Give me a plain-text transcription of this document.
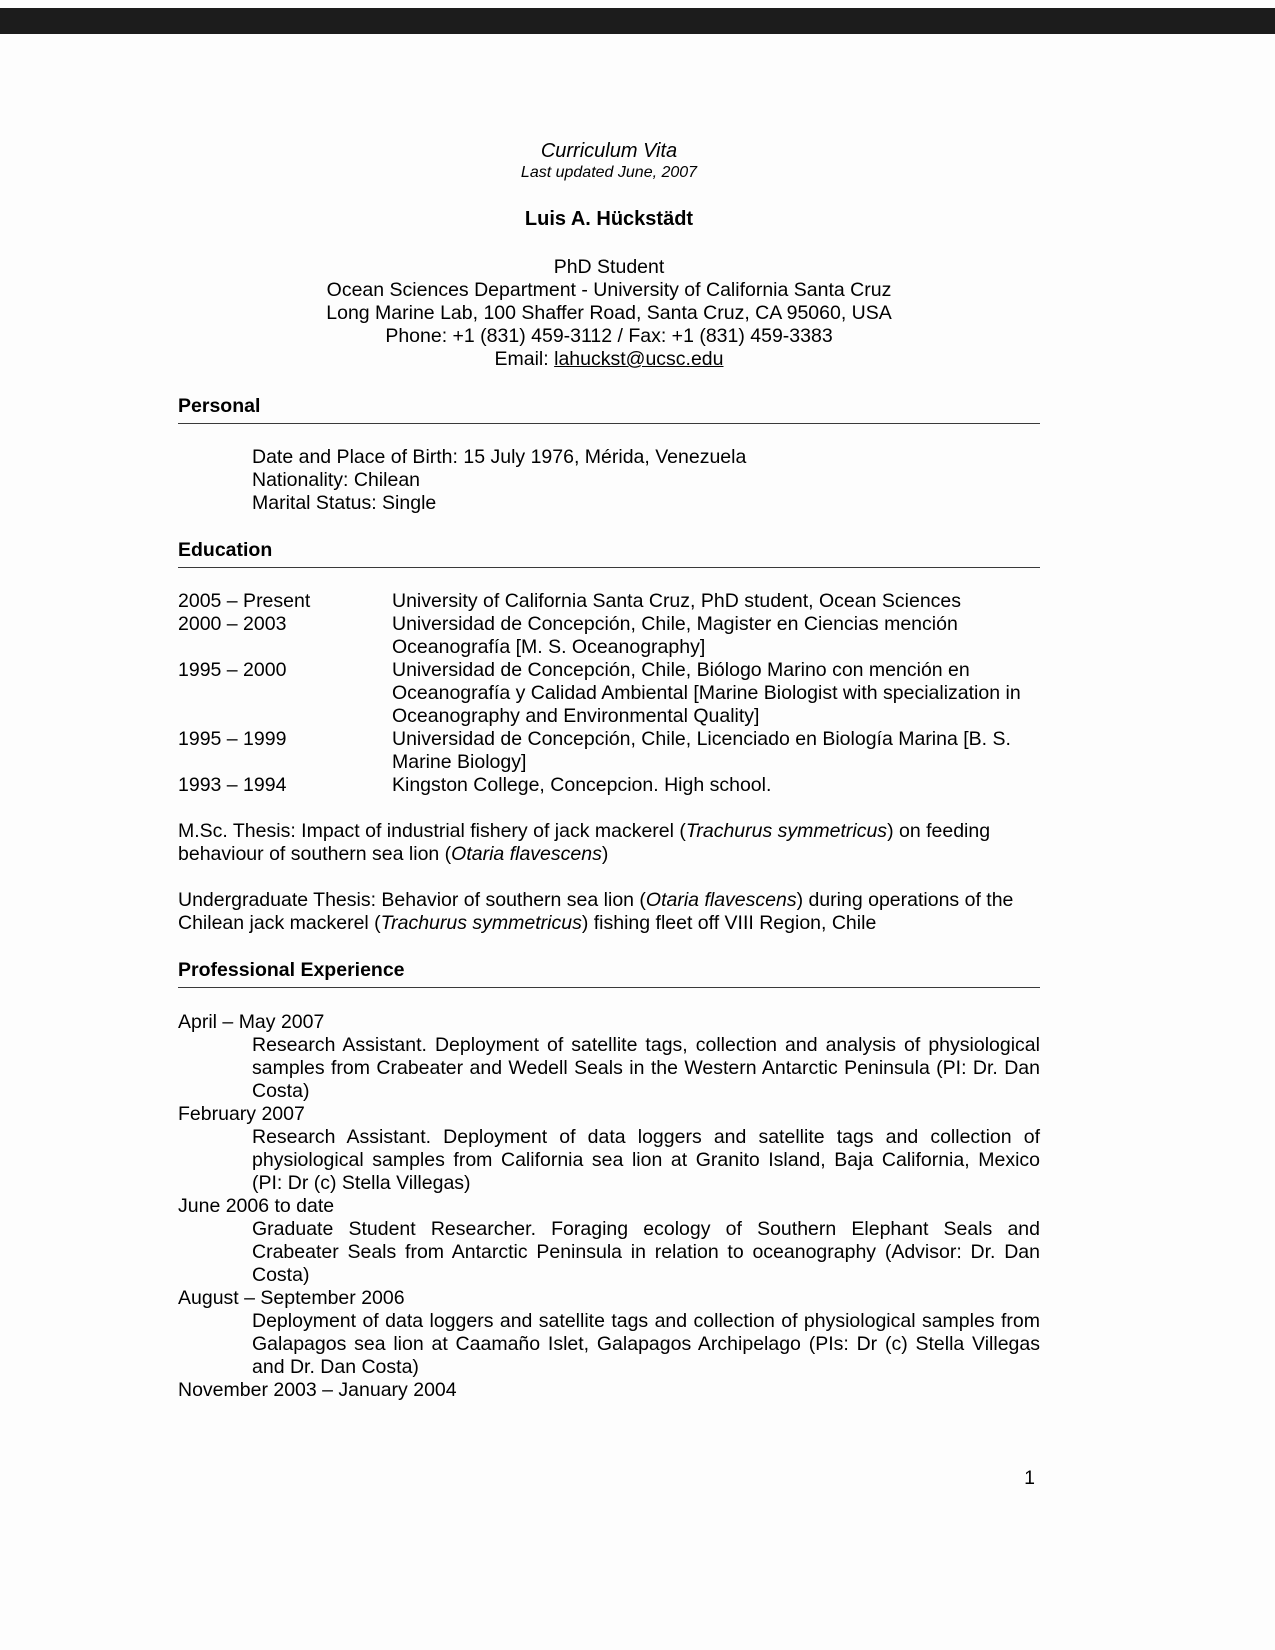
Curriculum Vita
Last updated June, 2007
Luis A. Hückstädt
PhD Student
Ocean Sciences Department - University of California Santa Cruz
Long Marine Lab, 100 Shaffer Road, Santa Cruz, CA 95060, USA
Phone: +1 (831) 459-3112 / Fax: +1 (831) 459-3383
Email: lahuckst@ucsc.edu
Personal
Date and Place of Birth: 15 July 1976, Mérida, Venezuela
Nationality: Chilean
Marital Status: Single
Education
2005 – Present	University of California Santa Cruz, PhD student, Ocean Sciences
2000 – 2003	Universidad de Concepción, Chile, Magister en Ciencias mención Oceanografía [M. S. Oceanography]
1995 – 2000	Universidad de Concepción, Chile, Biólogo Marino con mención en Oceanografía y Calidad Ambiental [Marine Biologist with specialization in Oceanography and Environmental Quality]
1995 – 1999	Universidad de Concepción, Chile, Licenciado en Biología Marina [B. S. Marine Biology]
1993 – 1994	Kingston College, Concepcion. High school.

M.Sc. Thesis: Impact of industrial fishery of jack mackerel (Trachurus symmetricus) on feeding behaviour of southern sea lion (Otaria flavescens)

Undergraduate Thesis: Behavior of southern sea lion (Otaria flavescens) during operations of the Chilean jack mackerel (Trachurus symmetricus) fishing fleet off VIII Region, Chile

Professional Experience
April – May 2007

Research Assistant. Deployment of satellite tags, collection and analysis of physiological samples from Crabeater and Wedell Seals in the Western Antarctic Peninsula (PI: Dr. Dan Costa)

February 2007

Research Assistant. Deployment of data loggers and satellite tags and collection of physiological samples from California sea lion at Granito Island, Baja California, Mexico (PI: Dr (c) Stella Villegas)

June 2006 to date

Graduate Student Researcher. Foraging ecology of Southern Elephant Seals and Crabeater Seals from Antarctic Peninsula in relation to oceanography (Advisor: Dr. Dan Costa)

August – September 2006

Deployment of data loggers and satellite tags and collection of physiological samples from Galapagos sea lion at Caamaño Islet, Galapagos Archipelago (PIs: Dr (c) Stella Villegas and Dr. Dan Costa)

November 2003 – January 2004

1
